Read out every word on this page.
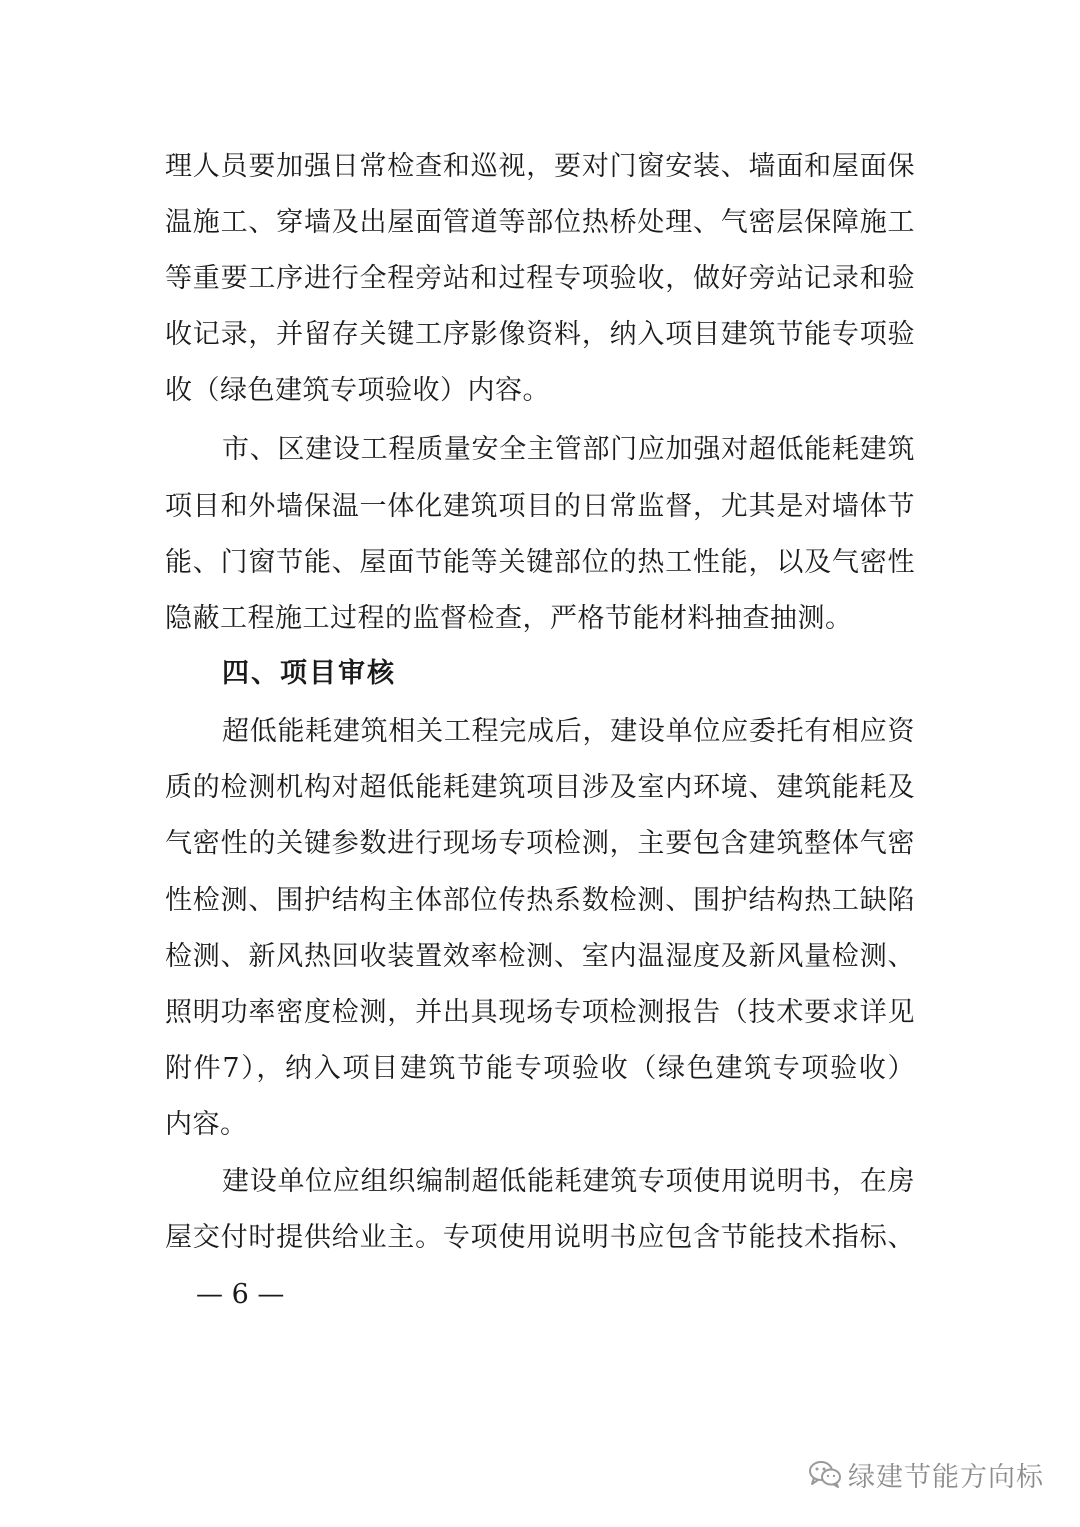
理人员要加强日常检查和巡视，要对门窗安装、墙面和屋面保
温施工、穿墙及出屋面管道等部位热桥处理、气密层保障施工
等重要工序进行全程旁站和过程专项验收，做好旁站记录和验
收记录，并留存关键工序影像资料，纳入项目建筑节能专项验
收（绿色建筑专项验收）内容。
市、区建设工程质量安全主管部门应加强对超低能耗建筑
项目和外墙保温一体化建筑项目的日常监督，尤其是对墙体节
能、门窗节能、屋面节能等关键部位的热工性能，以及气密性
隐蔽工程施工过程的监督检查，严格节能材料抽查抽测。
四、项目审核
超低能耗建筑相关工程完成后，建设单位应委托有相应资
质的检测机构对超低能耗建筑项目涉及室内环境、建筑能耗及
气密性的关键参数进行现场专项检测，主要包含建筑整体气密
性检测、围护结构主体部位传热系数检测、围护结构热工缺陷
检测、新风热回收装置效率检测、室内温湿度及新风量检测、
照明功率密度检测，并出具现场专项检测报告（技术要求详见
附件7），纳入项目建筑节能专项验收（绿色建筑专项验收）
内容。
建设单位应组织编制超低能耗建筑专项使用说明书，在房
屋交付时提供给业主。专项使用说明书应包含节能技术指标、
— 6 —
绿建节能方向标
